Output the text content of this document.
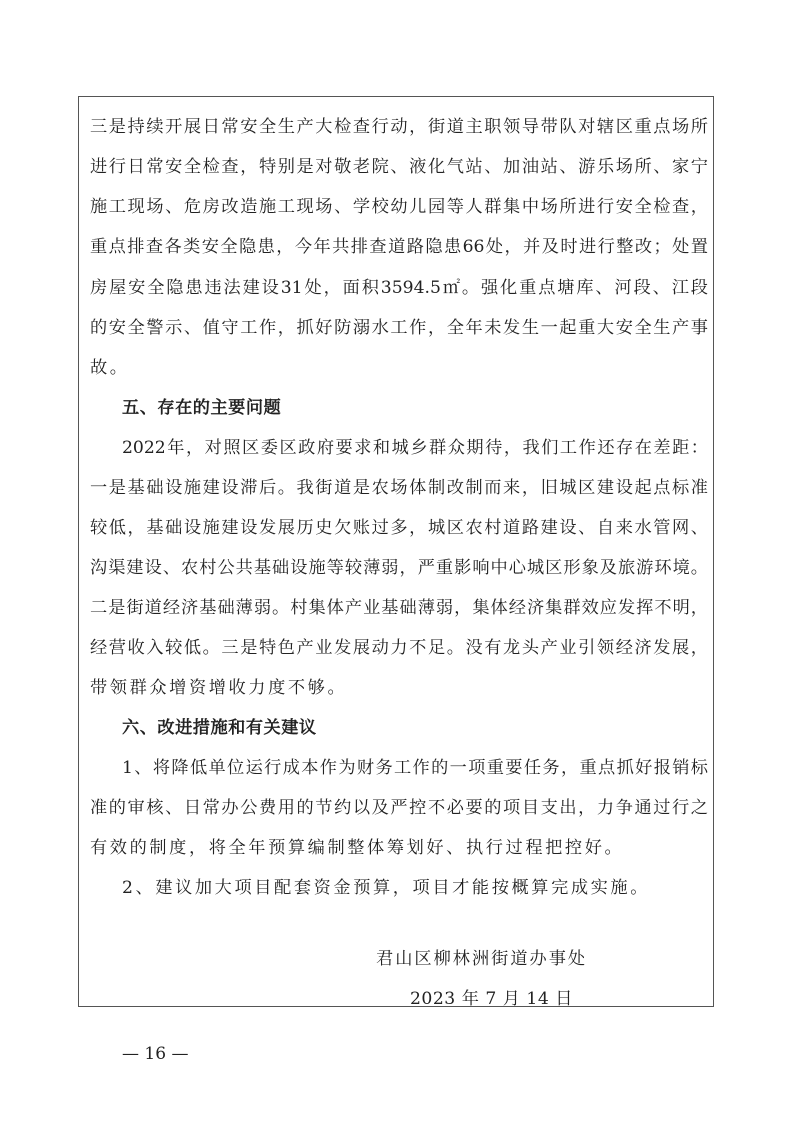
三是持续开展日常安全生产大检查行动，街道主职领导带队对辖区重点场所
进行日常安全检查，特别是对敬老院、液化气站、加油站、游乐场所、家宁
施工现场、危房改造施工现场、学校幼儿园等人群集中场所进行安全检查，
重点排查各类安全隐患，今年共排查道路隐患66处，并及时进行整改；处置
房屋安全隐患违法建设31处，面积3594.5㎡。强化重点塘库、河段、江段
的安全警示、值守工作，抓好防溺水工作，全年未发生一起重大安全生产事
故。
五、存在的主要问题
2022年，对照区委区政府要求和城乡群众期待，我们工作还存在差距：
一是基础设施建设滞后。我街道是农场体制改制而来，旧城区建设起点标准
较低，基础设施建设发展历史欠账过多，城区农村道路建设、自来水管网、
沟渠建设、农村公共基础设施等较薄弱，严重影响中心城区形象及旅游环境。
二是街道经济基础薄弱。村集体产业基础薄弱，集体经济集群效应发挥不明，
经营收入较低。三是特色产业发展动力不足。没有龙头产业引领经济发展，
带领群众增资增收力度不够。
六、改进措施和有关建议
1、将降低单位运行成本作为财务工作的一项重要任务，重点抓好报销标
准的审核、日常办公费用的节约以及严控不必要的项目支出，力争通过行之
有效的制度，将全年预算编制整体筹划好、执行过程把控好。
2、建议加大项目配套资金预算，项目才能按概算完成实施。
君山区柳林洲街道办事处
2023 年 7 月 14 日
— 16 —
